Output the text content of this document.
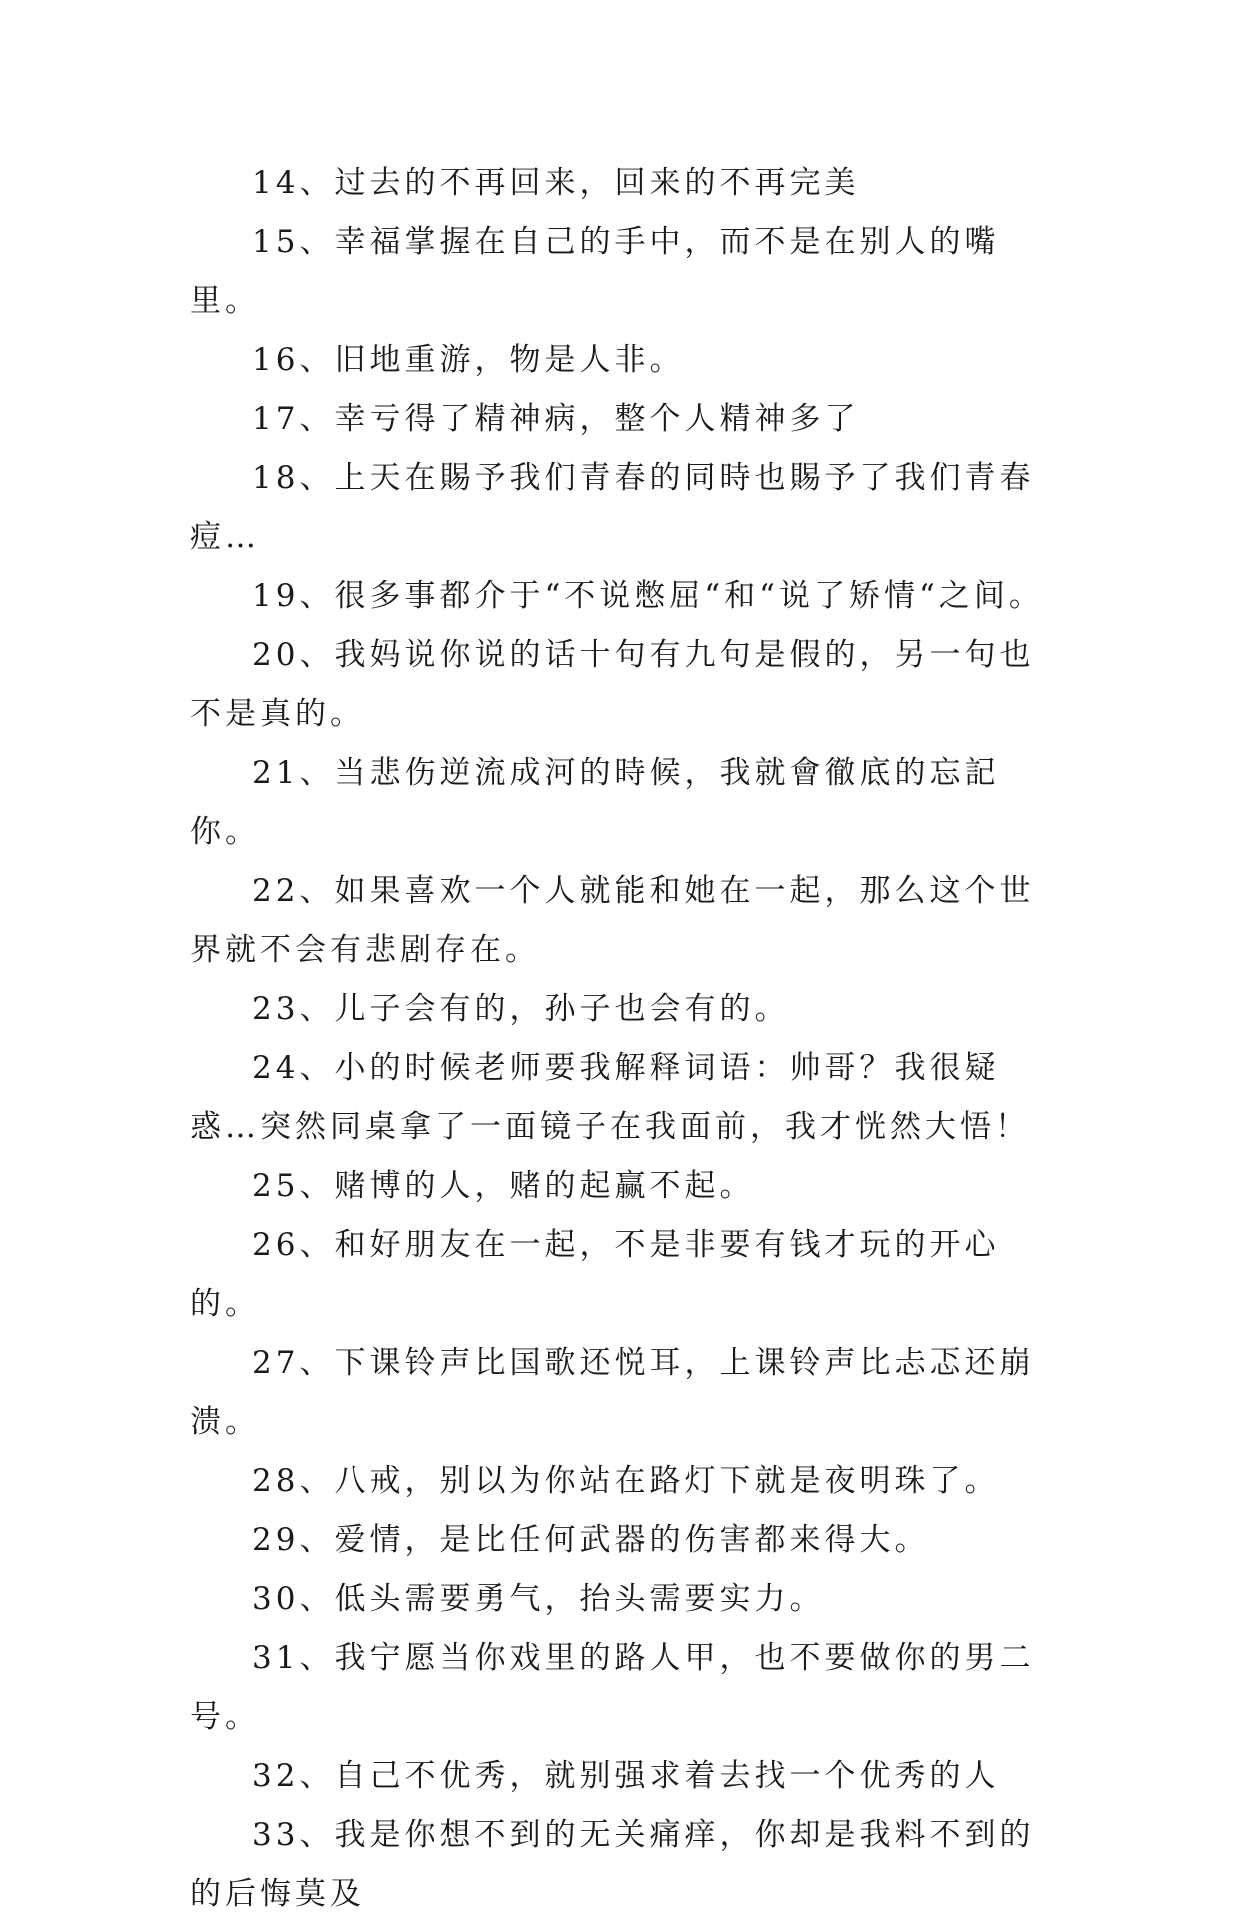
14、过去的不再回来，回来的不再完美

15、幸福掌握在自己的手中，而不是在别人的嘴里。

16、旧地重游，物是人非。

17、幸亏得了精神病，整个人精神多了

18、上天在賜予我们青春的同時也賜予了我们青春痘…

19、很多事都介于“不说憋屈“和“说了矫情“之间。

20、我妈说你说的话十句有九句是假的，另一句也不是真的。

21、当悲伤逆流成河的時候，我就會徹底的忘記你。

22、如果喜欢一个人就能和她在一起，那么这个世界就不会有悲剧存在。

23、儿子会有的，孙子也会有的。

24、小的时候老师要我解释词语：帅哥？我很疑惑…突然同桌拿了一面镜子在我面前，我才恍然大悟！

25、赌博的人，赌的起赢不起。

26、和好朋友在一起，不是非要有钱才玩的开心的。

27、下课铃声比国歌还悦耳，上课铃声比忐忑还崩溃。

28、八戒，别以为你站在路灯下就是夜明珠了。

29、爱情，是比任何武器的伤害都来得大。

30、低头需要勇气，抬头需要实力。

31、我宁愿当你戏里的路人甲，也不要做你的男二号。

32、自己不优秀，就别强求着去找一个优秀的人

33、我是你想不到的无关痛痒，你却是我料不到的的后悔莫及
